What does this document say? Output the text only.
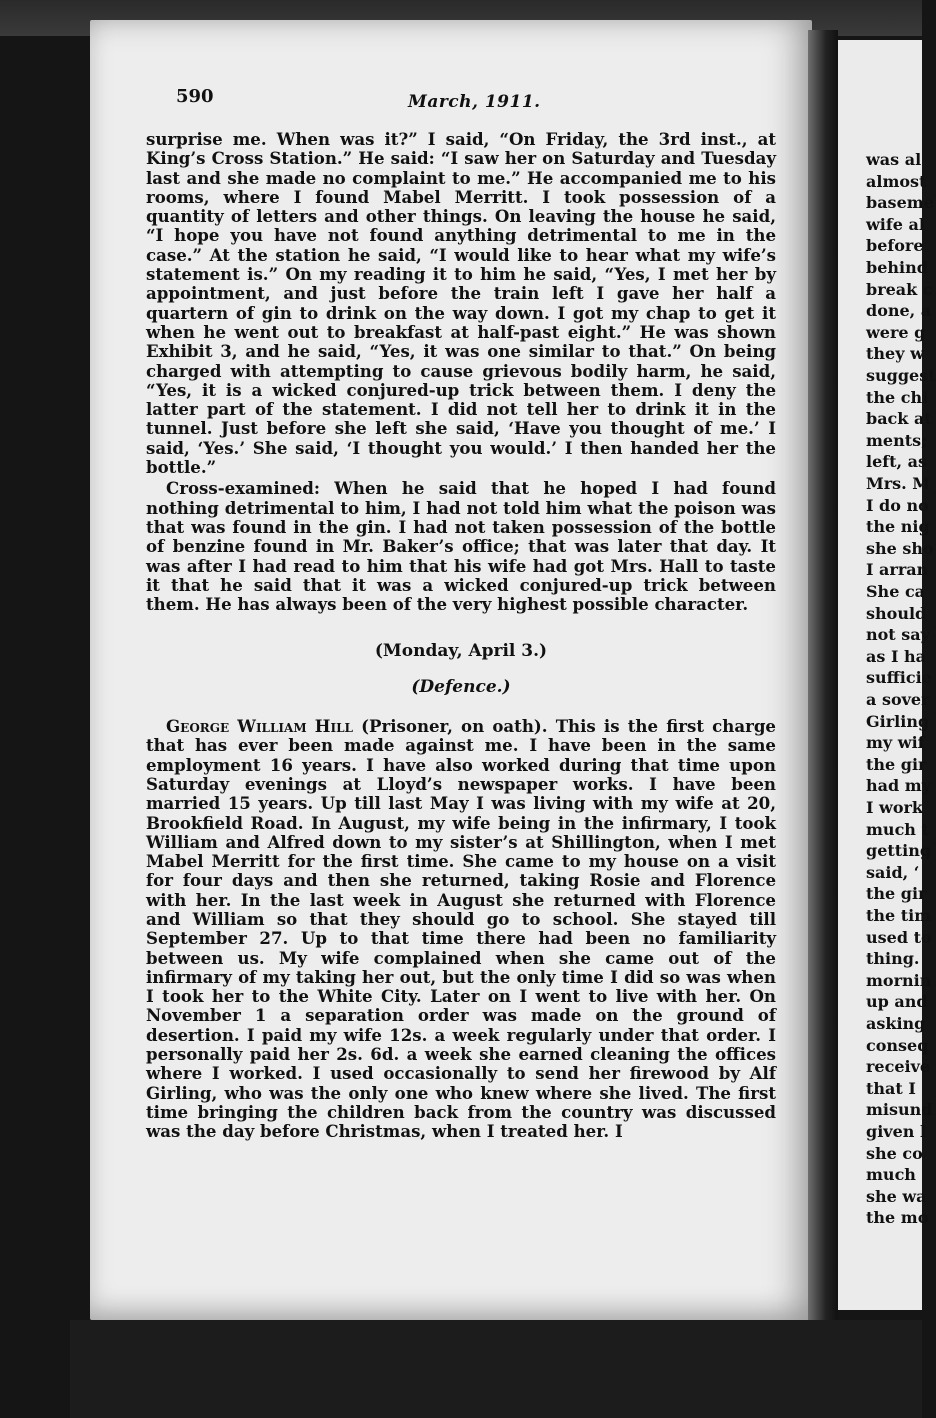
was al
almost
baseme
wife al
before
behind
break c
done, a
were g
they w
suggest
the chi
back at
ments;
left, as
Mrs. M
I do no
the nig
she sho
I arran
She ca
should
not say
as I ha
sufficie
a sover
Girling
my wif
the gir
had my
I work
much t
getting
said, ‘
the gir
the tim
used to
thing.
mornin
up and
asking
conseq
receive
that I
misund
given l
she co
much
she wa
the mo
590	March, 1911.

surprise me. When was it?” I said, “On Friday, the 3rd inst., at King’s Cross Station.” He said: “I saw her on Saturday and Tuesday last and she made no complaint to me.” He accompanied me to his rooms, where I found Mabel Merritt. I took possession of a quantity of letters and other things. On leaving the house he said, “I hope you have not found anything detrimental to me in the case.” At the station he said, “I would like to hear what my wife’s statement is.” On my reading it to him he said, “Yes, I met her by appointment, and just before the train left I gave her half a quartern of gin to drink on the way down. I got my chap to get it when he went out to breakfast at half-past eight.” He was shown Exhibit 3, and he said, “Yes, it was one similar to that.” On being charged with attempting to cause grievous bodily harm, he said, “Yes, it is a wicked conjured-up trick between them. I deny the latter part of the statement. I did not tell her to drink it in the tunnel. Just before she left she said, ‘Have you thought of me.’ I said, ‘Yes.’ She said, ‘I thought you would.’ I then handed her the bottle.”

Cross-examined: When he said that he hoped I had found nothing detrimental to him, I had not told him what the poison was that was found in the gin. I had not taken possession of the bottle of benzine found in Mr. Baker’s office; that was later that day. It was after I had read to him that his wife had got Mrs. Hall to taste it that he said that it was a wicked conjured-up trick between them. He has always been of the very highest possible character.

(Monday, April 3.)
(Defence.)

George William Hill (Prisoner, on oath). This is the first charge that has ever been made against me. I have been in the same employment 16 years. I have also worked during that time upon Saturday evenings at Lloyd’s newspaper works. I have been married 15 years. Up till last May I was living with my wife at 20, Brookfield Road. In August, my wife being in the infirmary, I took William and Alfred down to my sister’s at Shillington, when I met Mabel Merritt for the first time. She came to my house on a visit for four days and then she returned, taking Rosie and Florence with her. In the last week in August she returned with Florence and William so that they should go to school. She stayed till September 27. Up to that time there had been no familiarity between us. My wife complained when she came out of the infirmary of my taking her out, but the only time I did so was when I took her to the White City. Later on I went to live with her. On November 1 a separation order was made on the ground of desertion. I paid my wife 12s. a week regularly under that order. I personally paid her 2s. 6d. a week she earned cleaning the offices where I worked. I used occasionally to send her firewood by Alf Girling, who was the only one who knew where she lived. The first time bringing the children back from the country was discussed was the day before Christmas, when I treated her. I
